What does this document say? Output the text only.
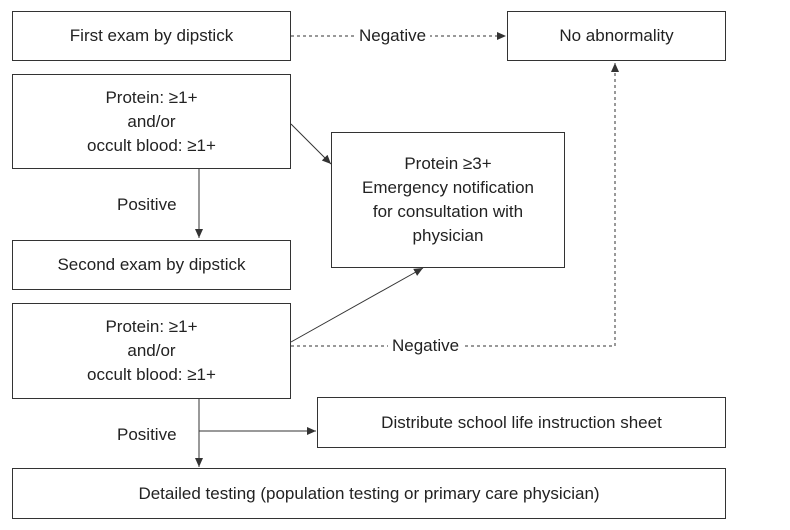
First exam by dipstick	No abnormality
Protein: ≥1+
and/or
occult blood: ≥1+
Protein ≥3+
Emergency notification
for consultation with
physician
Second exam by dipstick
Protein: ≥1+
and/or
occult blood: ≥1+
Distribute school life instruction sheet
Detailed testing (population testing or primary care physician)
Negative
Positive
Negative
Positive
